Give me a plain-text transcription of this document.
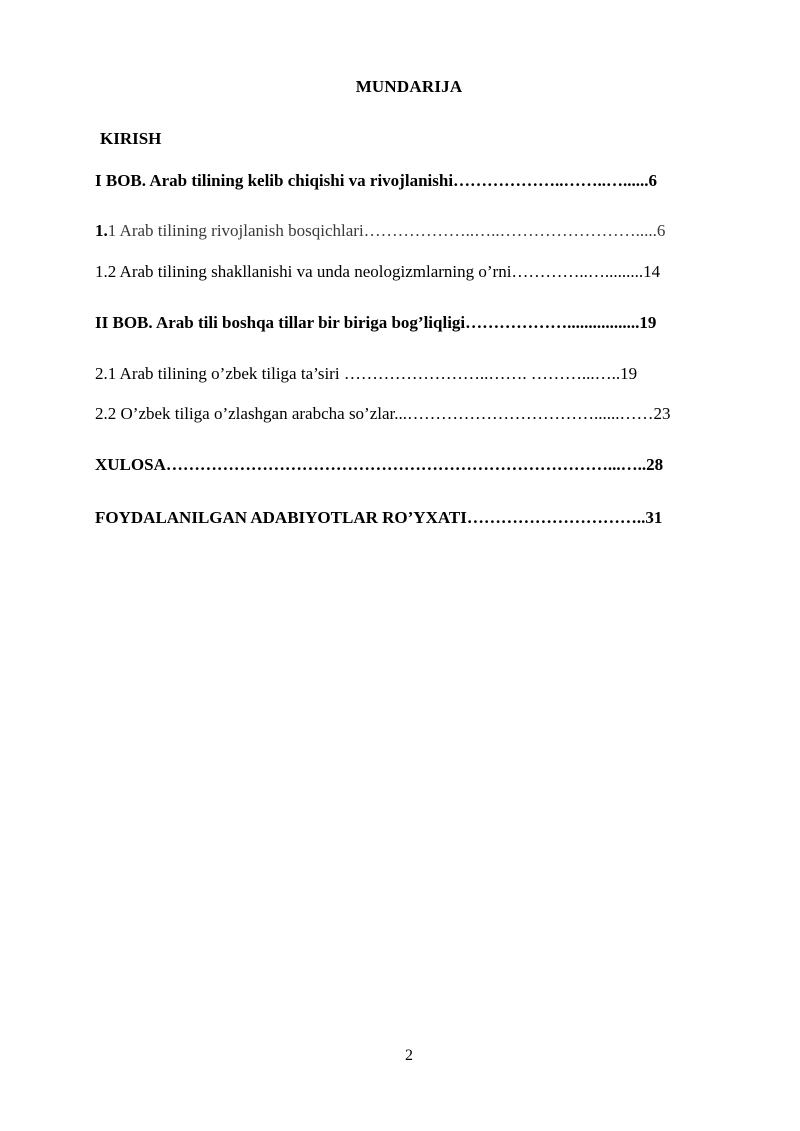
MUNDARIJA
KIRISH
I BOB. Arab tilining kelib chiqishi va rivojlanishi………………..……..…......6
1.1 Arab tilining rivojlanish bosqichlari………………..…..…………………….....6
1.2 Arab tilining shakllanishi va unda neologizmlarning o’rni…………..….........14
II BOB. Arab tili boshqa tillar bir biriga bog’liqligi……………….................19
2.1 Arab tilining o’zbek tiliga ta’siri ……………………..……. ………...…..19
2.2 O’zbek tiliga o’zlashgan arabcha so’zlar...……………………………......……23
XULOSA……………………………………………………………………...…..28
FOYDALANILGAN ADABIYOTLAR RO’YXATI…………………………..31
2
